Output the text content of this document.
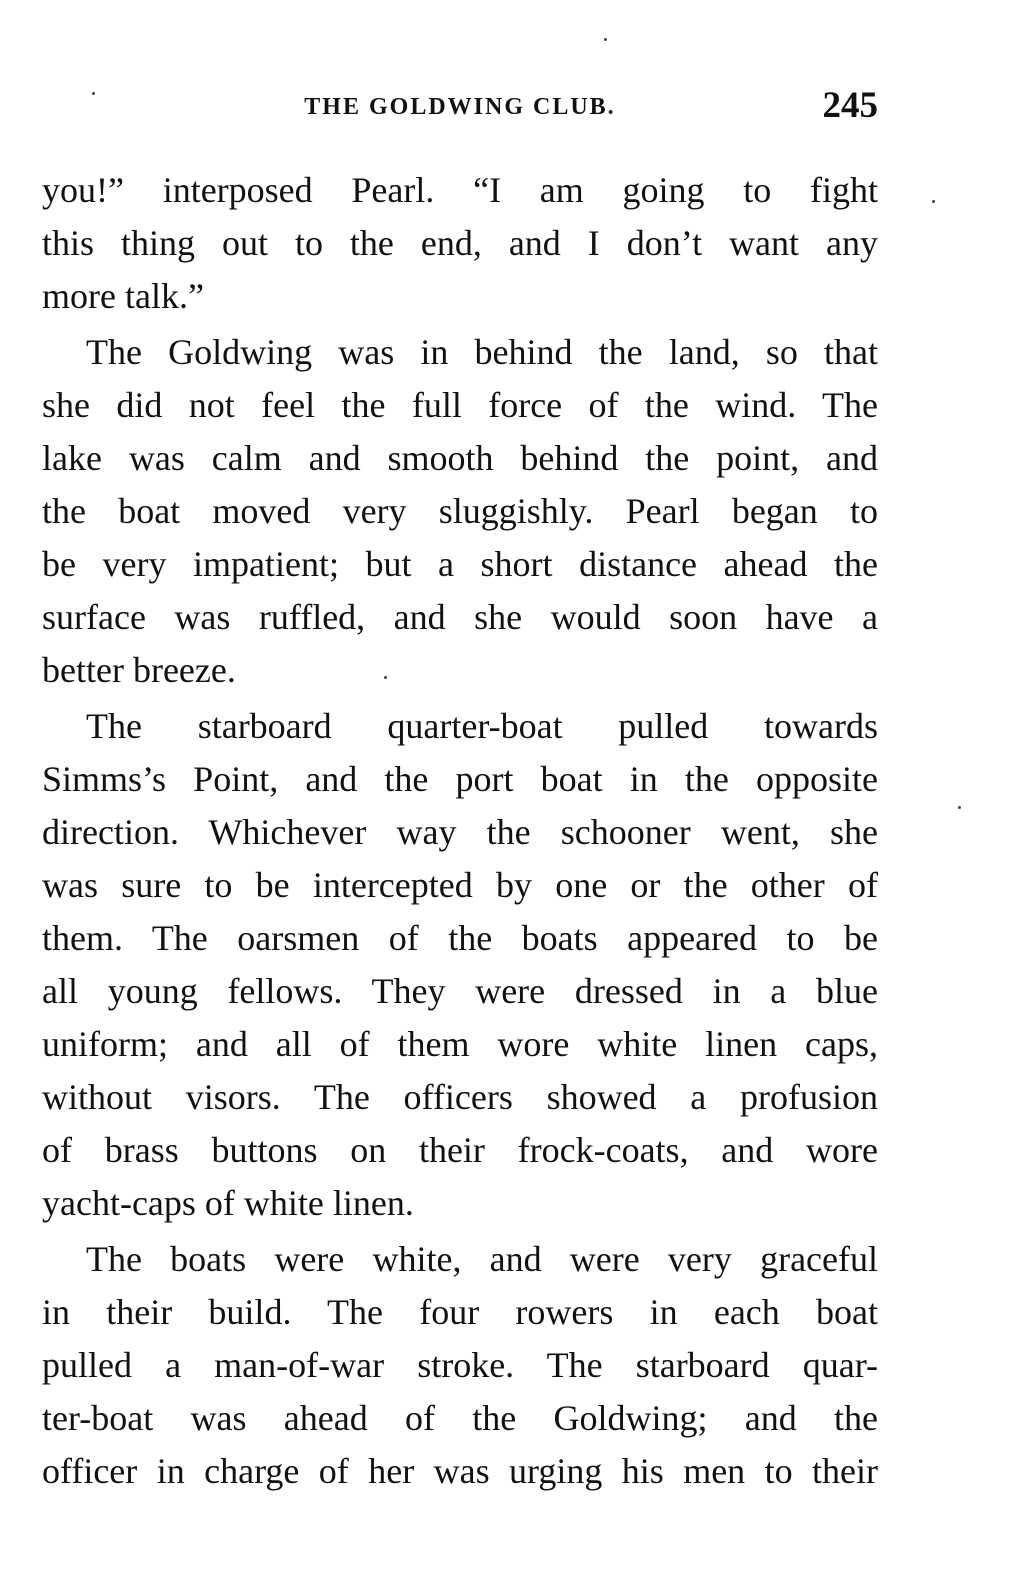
THE GOLDWING CLUB.	245
you!” interposed Pearl. “I am going to fight
this thing out to the end, and I don’t want any
more talk.”
The Goldwing was in behind the land, so that
she did not feel the full force of the wind. The
lake was calm and smooth behind the point, and
the boat moved very sluggishly. Pearl began to
be very impatient; but a short distance ahead the
surface was ruffled, and she would soon have a
better breeze.
The starboard quarter-boat pulled towards
Simms’s Point, and the port boat in the opposite
direction. Whichever way the schooner went, she
was sure to be intercepted by one or the other of
them. The oarsmen of the boats appeared to be
all young fellows. They were dressed in a blue
uniform; and all of them wore white linen caps,
without visors. The officers showed a profusion
of brass buttons on their frock-coats, and wore
yacht-caps of white linen.
The boats were white, and were very graceful
in their build. The four rowers in each boat
pulled a man-of-war stroke. The starboard quar-
ter-boat was ahead of the Goldwing; and the
officer in charge of her was urging his men to their
